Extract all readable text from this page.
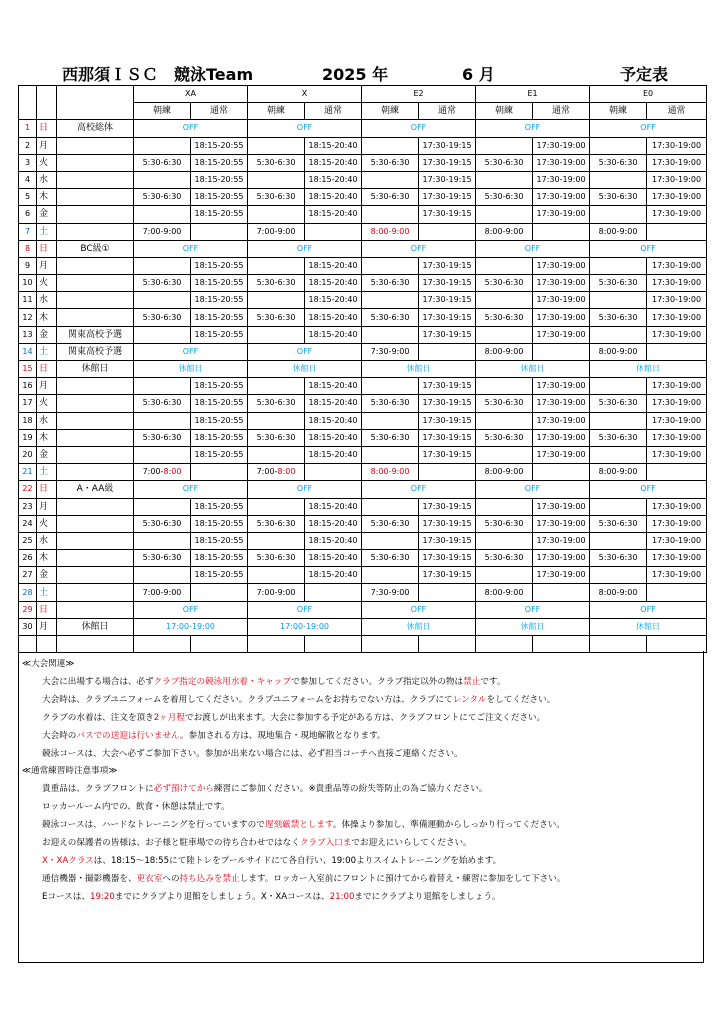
西那須ＩＳＣ　競泳Team	2025 年	6 月	予定表
			XA		X		E2		E1		E0	
			朝練	通常	朝練	通常	朝練	通常	朝練	通常	朝練	通常
1	日	高校総体	OFF		OFF		OFF		OFF		OFF	
2	月			18:15-20:55		18:15-20:40		17:30-19:15		17:30-19:00		17:30-19:00
3	火		5:30-6:30	18:15-20:55	5:30-6:30	18:15-20:40	5:30-6:30	17:30-19:15	5:30-6:30	17:30-19:00	5:30-6:30	17:30-19:00
4	水			18:15-20:55		18:15-20:40		17:30-19:15		17:30-19:00		17:30-19:00
5	木		5:30-6:30	18:15-20:55	5:30-6:30	18:15-20:40	5:30-6:30	17:30-19:15	5:30-6:30	17:30-19:00	5:30-6:30	17:30-19:00
6	金			18:15-20:55		18:15-20:40		17:30-19:15		17:30-19:00		17:30-19:00
7	土		7:00-9:00		7:00-9:00		8:00-9:00		8:00-9:00		8:00-9:00	
8	日	BC級①	OFF		OFF		OFF		OFF		OFF	
9	月			18:15-20:55		18:15-20:40		17:30-19:15		17:30-19:00		17:30-19:00
10	火		5:30-6:30	18:15-20:55	5:30-6:30	18:15-20:40	5:30-6:30	17:30-19:15	5:30-6:30	17:30-19:00	5:30-6:30	17:30-19:00
11	水			18:15-20:55		18:15-20:40		17:30-19:15		17:30-19:00		17:30-19:00
12	木		5:30-6:30	18:15-20:55	5:30-6:30	18:15-20:40	5:30-6:30	17:30-19:15	5:30-6:30	17:30-19:00	5:30-6:30	17:30-19:00
13	金	関東高校予選		18:15-20:55		18:15-20:40		17:30-19:15		17:30-19:00		17:30-19:00
14	土	関東高校予選	OFF		OFF		7:30-9:00		8:00-9:00		8:00-9:00	
15	日	休館日	休館日		休館日		休館日		休館日		休館日	
16	月			18:15-20:55		18:15-20:40		17:30-19:15		17:30-19:00		17:30-19:00
17	火		5:30-6:30	18:15-20:55	5:30-6:30	18:15-20:40	5:30-6:30	17:30-19:15	5:30-6:30	17:30-19:00	5:30-6:30	17:30-19:00
18	水			18:15-20:55		18:15-20:40		17:30-19:15		17:30-19:00		17:30-19:00
19	木		5:30-6:30	18:15-20:55	5:30-6:30	18:15-20:40	5:30-6:30	17:30-19:15	5:30-6:30	17:30-19:00	5:30-6:30	17:30-19:00
20	金			18:15-20:55		18:15-20:40		17:30-19:15		17:30-19:00		17:30-19:00
21	土		7:00-8:00		7:00-8:00		8:00-9:00		8:00-9:00		8:00-9:00	
22	日	A・AA級	OFF		OFF		OFF		OFF		OFF	
23	月			18:15-20:55		18:15-20:40		17:30-19:15		17:30-19:00		17:30-19:00
24	火		5:30-6:30	18:15-20:55	5:30-6:30	18:15-20:40	5:30-6:30	17:30-19:15	5:30-6:30	17:30-19:00	5:30-6:30	17:30-19:00
25	水			18:15-20:55		18:15-20:40		17:30-19:15		17:30-19:00		17:30-19:00
26	木		5:30-6:30	18:15-20:55	5:30-6:30	18:15-20:40	5:30-6:30	17:30-19:15	5:30-6:30	17:30-19:00	5:30-6:30	17:30-19:00
27	金			18:15-20:55		18:15-20:40		17:30-19:15		17:30-19:00		17:30-19:00
28	土		7:00-9:00		7:00-9:00		7:30-9:00		8:00-9:00		8:00-9:00	
29	日		OFF		OFF		OFF		OFF		OFF	
30	月	休館日	17:00-19:00		17:00-19:00		休館日		休館日		休館日	

≪大会関連≫
大会に出場する場合は、必ずクラブ指定の競泳用水着・キャップで参加してください。クラブ指定以外の物は禁止です。
大会時は、クラブユニフォームを着用してください。クラブユニフォームをお持ちでない方は、クラブにてレンタルをしてください。
クラブの水着は、注文を頂き2ヶ月程でお渡しが出来ます。大会に参加する予定がある方は、クラブフロントにてご注文ください。
大会時のバスでの送迎は行いません。参加される方は、現地集合・現地解散となります。
競泳コースは、大会へ必ずご参加下さい。参加が出来ない場合には、必ず担当コーチへ直接ご連絡ください。
≪通常練習時注意事項≫
貴重品は、クラブフロントに必ず預けてから練習にご参加ください。※貴重品等の紛失等防止の為ご協力ください。
ロッカールーム内での、飲食・休憩は禁止です。
競泳コースは、ハードなトレーニングを行っていますので遅刻厳禁とします。体操より参加し、準備運動からしっかり行ってください。
お迎えの保護者の皆様は、お子様と駐車場での待ち合わせではなくクラブ入口までお迎えにいらしてください。
X・XAクラスは、18:15～18:55にて陸トレをプールサイドにて各自行い、19:00よりスイムトレーニングを始めます。
通信機器・撮影機器を、更衣室への持ち込みを禁止します。ロッカー入室前にフロントに預けてから着替え・練習に参加をして下さい。
Eコースは、19:20までにクラブより退館をしましょう。X・XAコースは、21:00までにクラブより退館をしましょう。
